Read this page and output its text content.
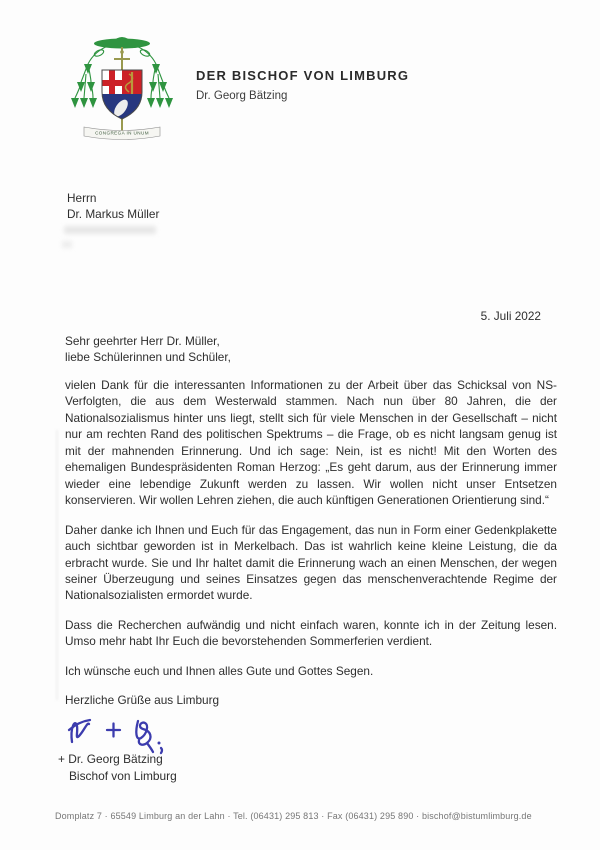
CONGREGA IN UNUM
DER BISCHOF VON LIMBURG
Dr. Georg Bätzing
Herrn
Dr. Markus Müller
5. Juli 2022
Sehr geehrter Herr Dr. Müller,
liebe Schülerinnen und Schüler,

vielen Dank für die interessanten Informationen zu der Arbeit über das Schicksal von NS-Verfolgten, die aus dem Westerwald stammen. Nach nun über 80 Jahren, die der Nationalsozialismus hinter uns liegt, stellt sich für viele Menschen in der Gesellschaft – nicht nur am rechten Rand des politischen Spektrums – die Frage, ob es nicht langsam genug ist mit der mahnenden Erinnerung. Und ich sage: Nein, ist es nicht! Mit den Worten des ehemaligen Bundespräsidenten Roman Herzog: „Es geht darum, aus der Erinnerung immer wieder eine lebendige Zukunft werden zu lassen. Wir wollen nicht unser Entsetzen konservieren. Wir wollen Lehren ziehen, die auch künftigen Generationen Orientierung sind.“

Daher danke ich Ihnen und Euch für das Engagement, das nun in Form einer Gedenkplakette auch sichtbar geworden ist in Merkelbach. Das ist wahrlich keine kleine Leistung, die da erbracht wurde. Sie und Ihr haltet damit die Erinnerung wach an einen Menschen, der wegen seiner Überzeugung und seines Einsatzes gegen das menschenverachtende Regime der Nationalsozialisten ermordet wurde.

Dass die Recherchen aufwändig und nicht einfach waren, konnte ich in der Zeitung lesen. Umso mehr habt Ihr Euch die bevorstehenden Sommerferien verdient.

Ich wünsche euch und Ihnen alles Gute und Gottes Segen.

Herzliche Grüße aus Limburg

+ Dr. Georg Bätzing
Bischof von Limburg
Domplatz 7 · 65549 Limburg an der Lahn · Tel. (06431) 295 813 · Fax (06431) 295 890 · bischof@bistumlimburg.de
